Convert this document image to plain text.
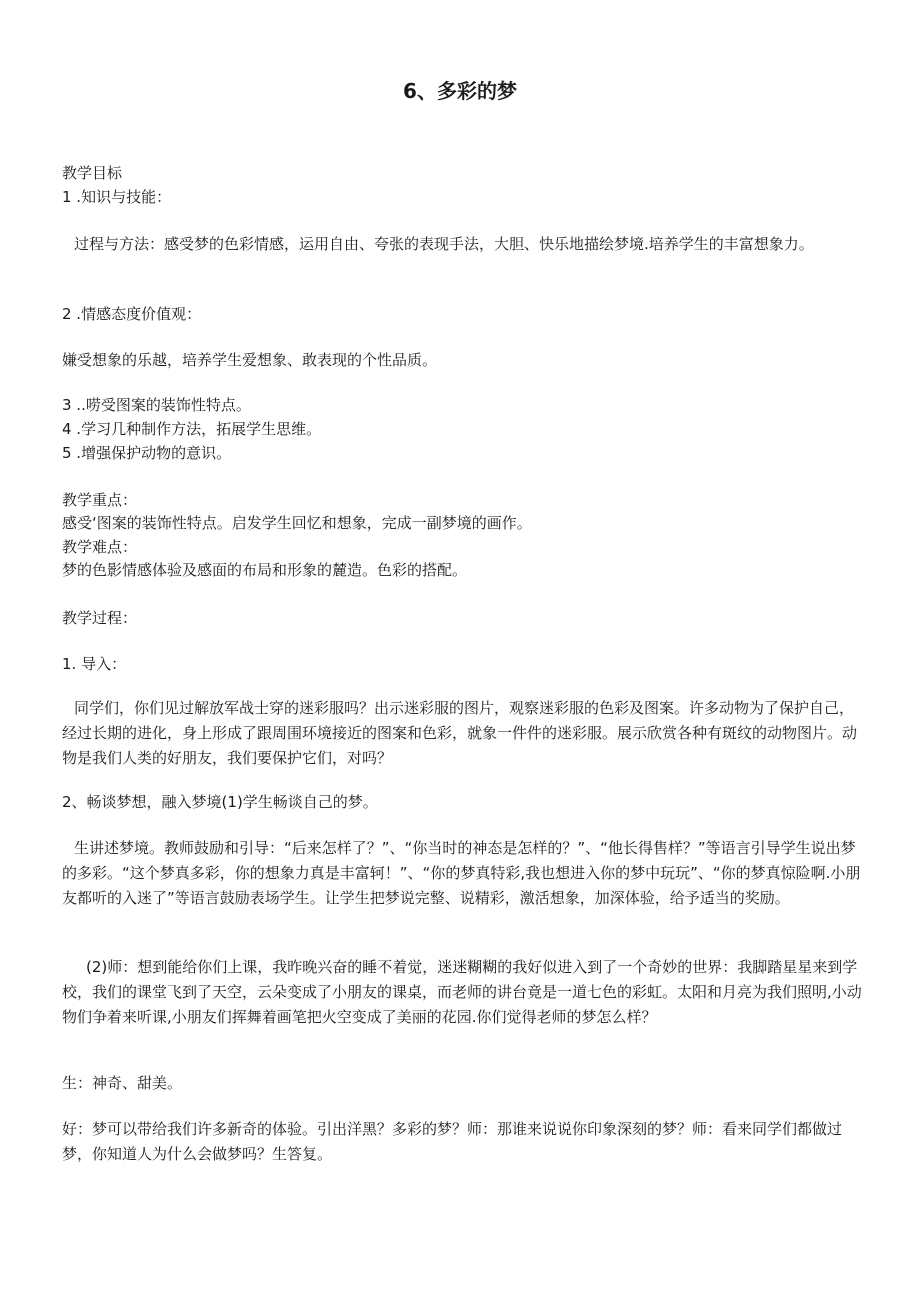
6、多彩的梦

教学目标

1 .知识与技能：

过程与方法：感受梦的色彩情感，运用自由、夸张的表现手法，大胆、快乐地描绘梦境.培养学生的丰富想象力。

2 .情感态度价值观：

嫌受想象的乐越，培养学生爱想象、敢表现的个性品质。

3 ..唠受图案的装饰性特点。

4 .学习几种制作方法，拓展学生思维。

5 .增强保护动物的意识。

教学重点：

感受‘图案的装饰性特点。启发学生回忆和想象，完成一副梦境的画作。

教学难点：

梦的色影情感体验及感面的布局和形象的麓造。色彩的搭配。

教学过程：

1. 导入：

同学们，你们见过解放军战士穿的迷彩服吗？出示迷彩服的图片，观察迷彩服的色彩及图案。许多动物为了保护自己，经过长期的进化，身上形成了跟周围环境接近的图案和色彩，就象一件件的迷彩服。展示欣赏各种有斑纹的动物图片。动物是我们人类的好朋友，我们要保护它们，对吗？

2、畅谈梦想，融入梦境(1)学生畅谈自己的梦。

生讲述梦境。教师鼓励和引导：“后来怎样了？”、“你当时的神态是怎样的？”、“他长得售样？”等语言引导学生说出梦的多彩。“这个梦真多彩，你的想象力真是丰富轲！”、“你的梦真特彩,我也想进入你的梦中玩玩”、“你的梦真惊险啊.小朋友都听的入迷了”等语言鼓励表场学生。让学生把梦说完整、说精彩，激活想象，加深体验，给予适当的奖励。

(2)师：想到能给你们上课，我昨晚兴奋的睡不着觉，迷迷糊糊的我好似进入到了一个奇妙的世界：我脚踏星星来到学校，我们的课堂飞到了天空，云朵变成了小朋友的课桌，而老师的讲台竟是一道七色的彩虹。太阳和月亮为我们照明,小动物们争着来听课,小朋友们挥舞着画笔把火空变成了美丽的花园.你们觉得老师的梦怎么样？

生：神奇、甜美。

好：梦可以带给我们许多新奇的体验。引出洋黑？多彩的梦？师：那谁来说说你印象深刻的梦？师：看来同学们都做过梦，你知道人为什么会做梦吗？生答复。
